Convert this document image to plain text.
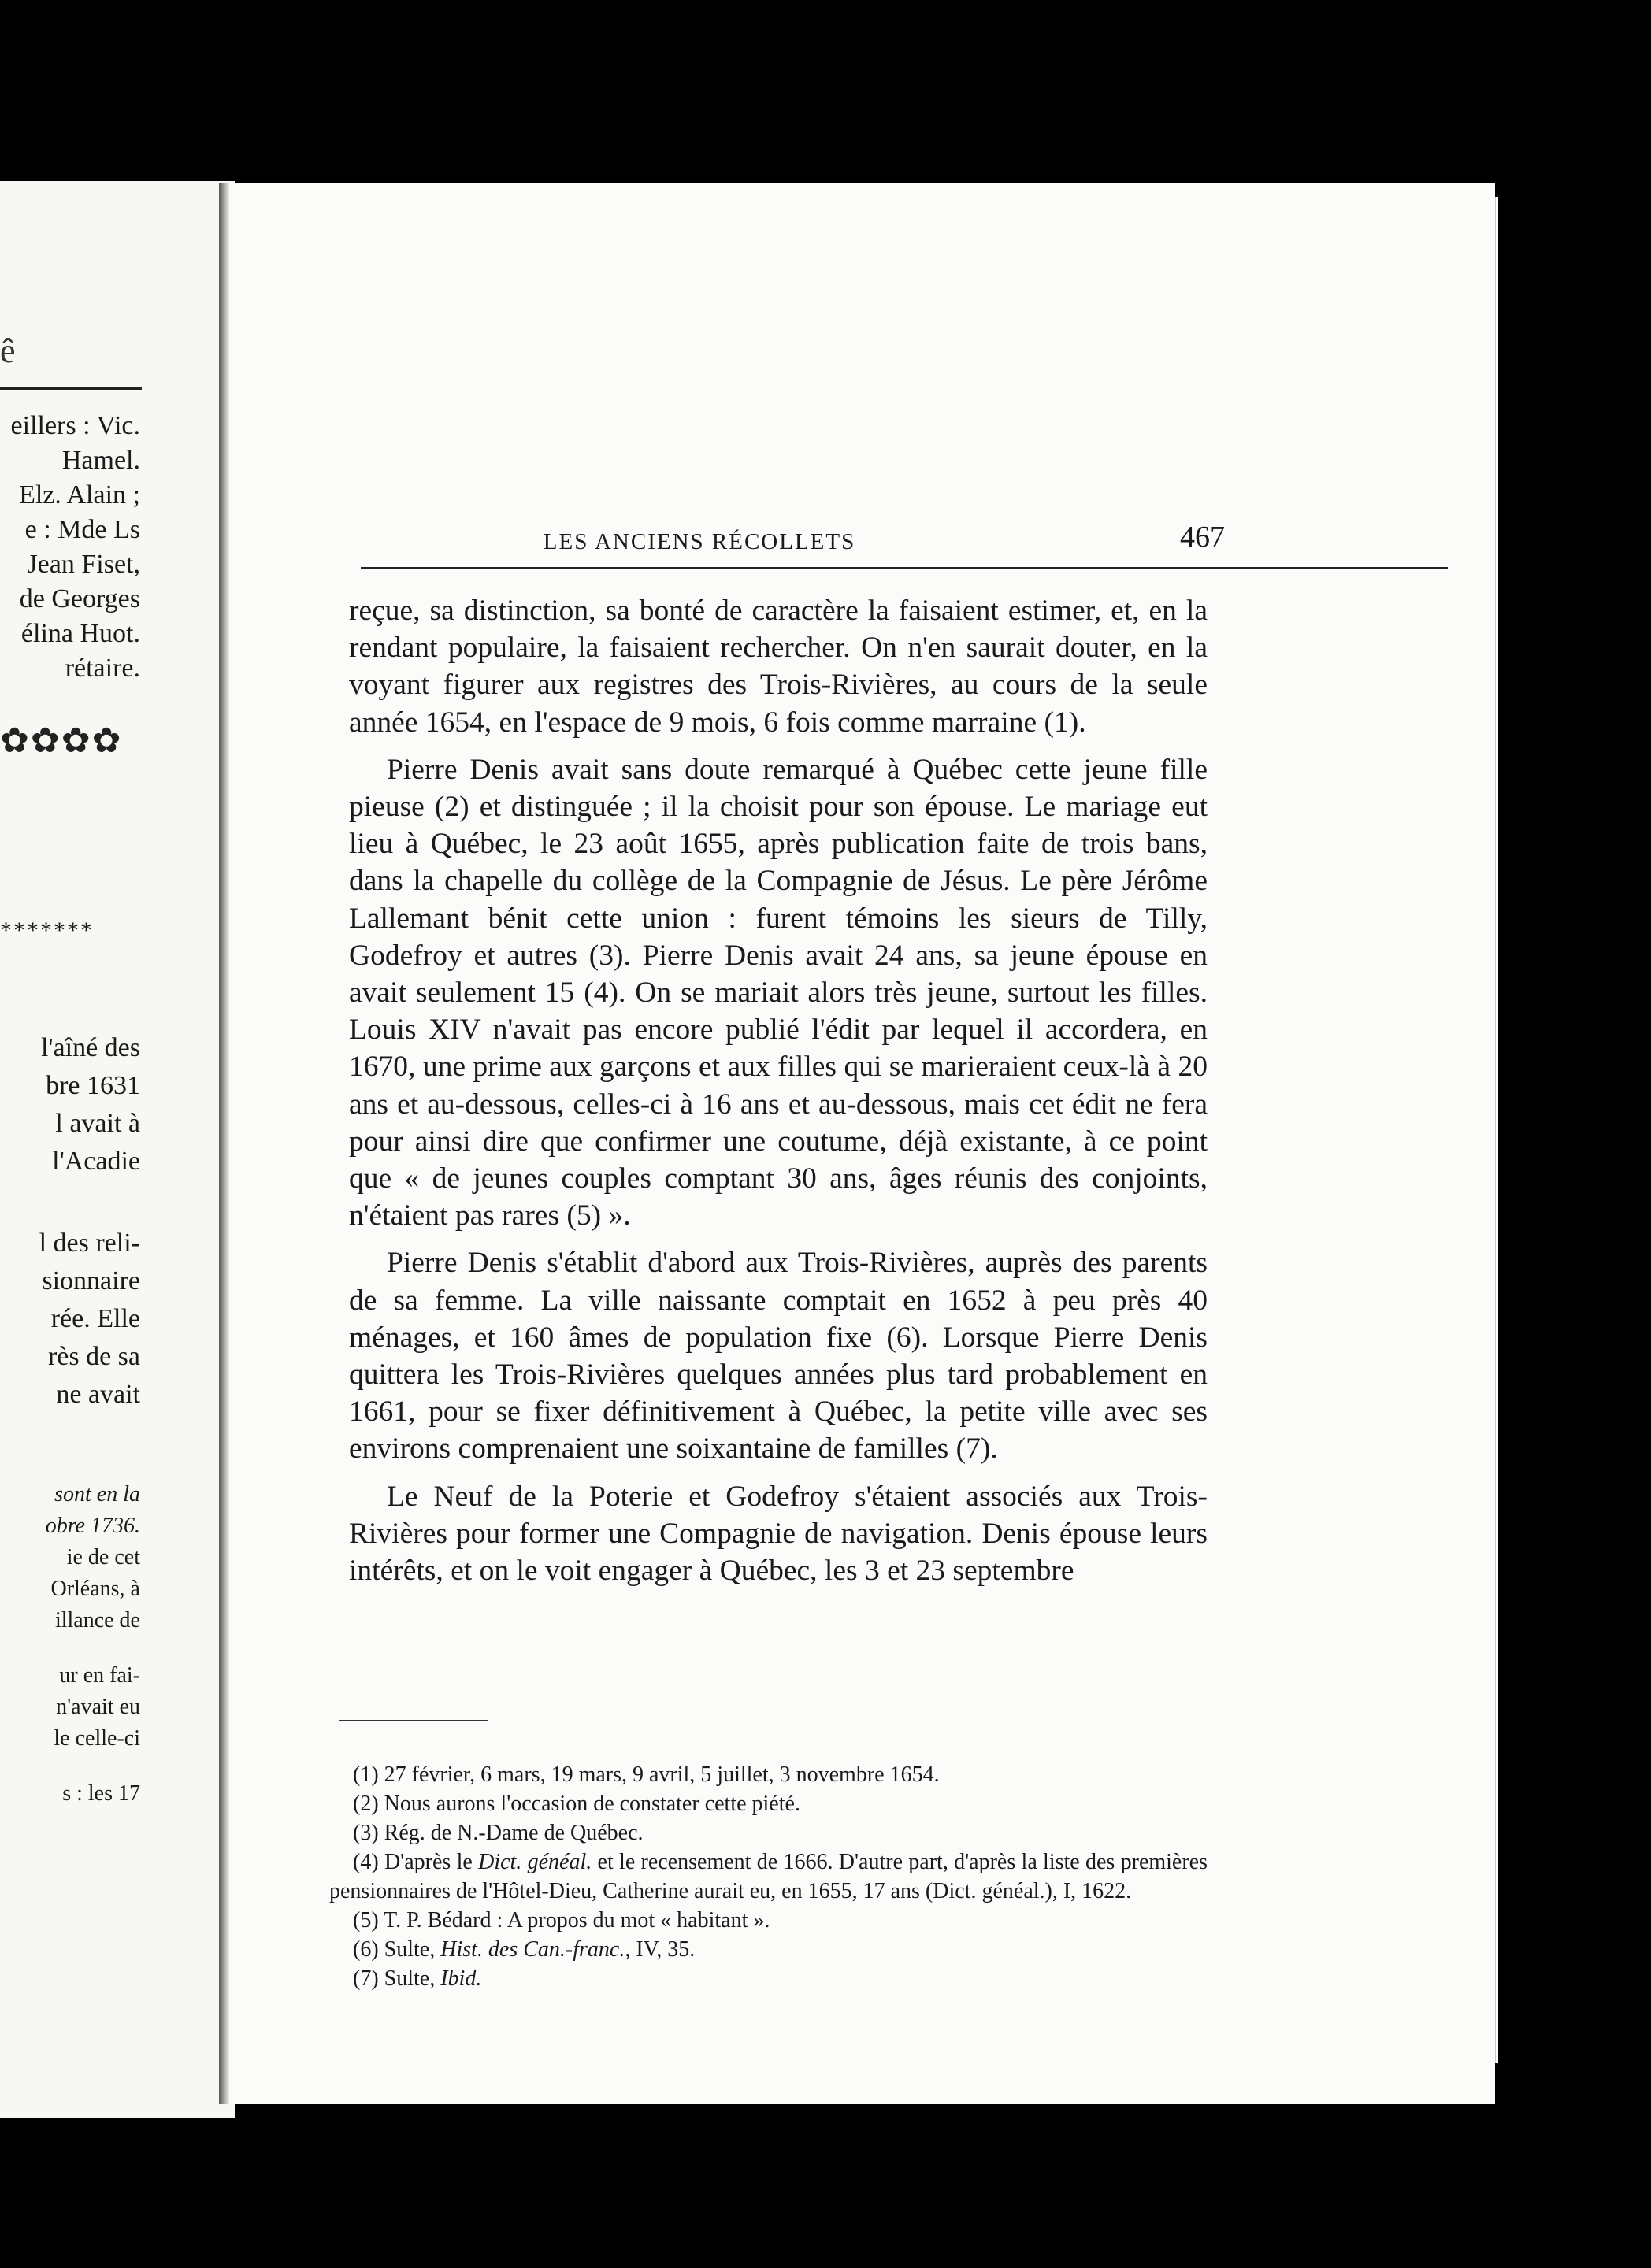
ê
eillers : Vic.
Hamel.
Elz. Alain ;
e : Mde Ls
Jean Fiset,
de Georges
élina Huot.
rétaire.
✿✿✿✿
*******
l'aîné des
bre 1631
l avait à
l'Acadie
l des reli-
sionnaire
rée. Elle
rès de sa
ne avait
sont en la
obre 1736.
ie de cet
Orléans, à
illance de
ur en fai-
n'avait eu
le celle-ci
s : les 17
LES ANCIENS RÉCOLLETS	467

reçue, sa distinction, sa bonté de caractère la faisaient estimer, et, en la rendant populaire, la faisaient rechercher. On n'en saurait douter, en la voyant figurer aux registres des Trois-Rivières, au cours de la seule année 1654, en l'espace de 9 mois, 6 fois comme marraine (1).

Pierre Denis avait sans doute remarqué à Québec cette jeune fille pieuse (2) et distinguée ; il la choisit pour son épouse. Le mariage eut lieu à Québec, le 23 août 1655, après publication faite de trois bans, dans la chapelle du collège de la Compagnie de Jésus. Le père Jérôme Lallemant bénit cette union : furent témoins les sieurs de Tilly, Godefroy et autres (3). Pierre Denis avait 24 ans, sa jeune épouse en avait seulement 15 (4). On se mariait alors très jeune, surtout les filles. Louis XIV n'avait pas encore publié l'édit par lequel il accordera, en 1670, une prime aux garçons et aux filles qui se marieraient ceux-là à 20 ans et au-dessous, celles-ci à 16 ans et au-dessous, mais cet édit ne fera pour ainsi dire que confirmer une coutume, déjà existante, à ce point que « de jeunes couples comptant 30 ans, âges réunis des conjoints, n'étaient pas rares (5) ».

Pierre Denis s'établit d'abord aux Trois-Rivières, auprès des parents de sa femme. La ville naissante comptait en 1652 à peu près 40 ménages, et 160 âmes de population fixe (6). Lorsque Pierre Denis quittera les Trois-Rivières quelques années plus tard probablement en 1661, pour se fixer définitivement à Québec, la petite ville avec ses environs comprenaient une soixantaine de familles (7).

Le Neuf de la Poterie et Godefroy s'étaient associés aux Trois-Rivières pour former une Compagnie de navigation. Denis épouse leurs intérêts, et on le voit engager à Québec, les 3 et 23 septembre

(1) 27 février, 6 mars, 19 mars, 9 avril, 5 juillet, 3 novembre 1654.

(2) Nous aurons l'occasion de constater cette piété.

(3) Rég. de N.-Dame de Québec.

(4) D'après le Dict. généal. et le recensement de 1666. D'autre part, d'après la liste des premières pensionnaires de l'Hôtel-Dieu, Catherine aurait eu, en 1655, 17 ans (Dict. généal.), I, 1622.

(5) T. P. Bédard : A propos du mot « habitant ».

(6) Sulte, Hist. des Can.-franc., IV, 35.

(7) Sulte, Ibid.
